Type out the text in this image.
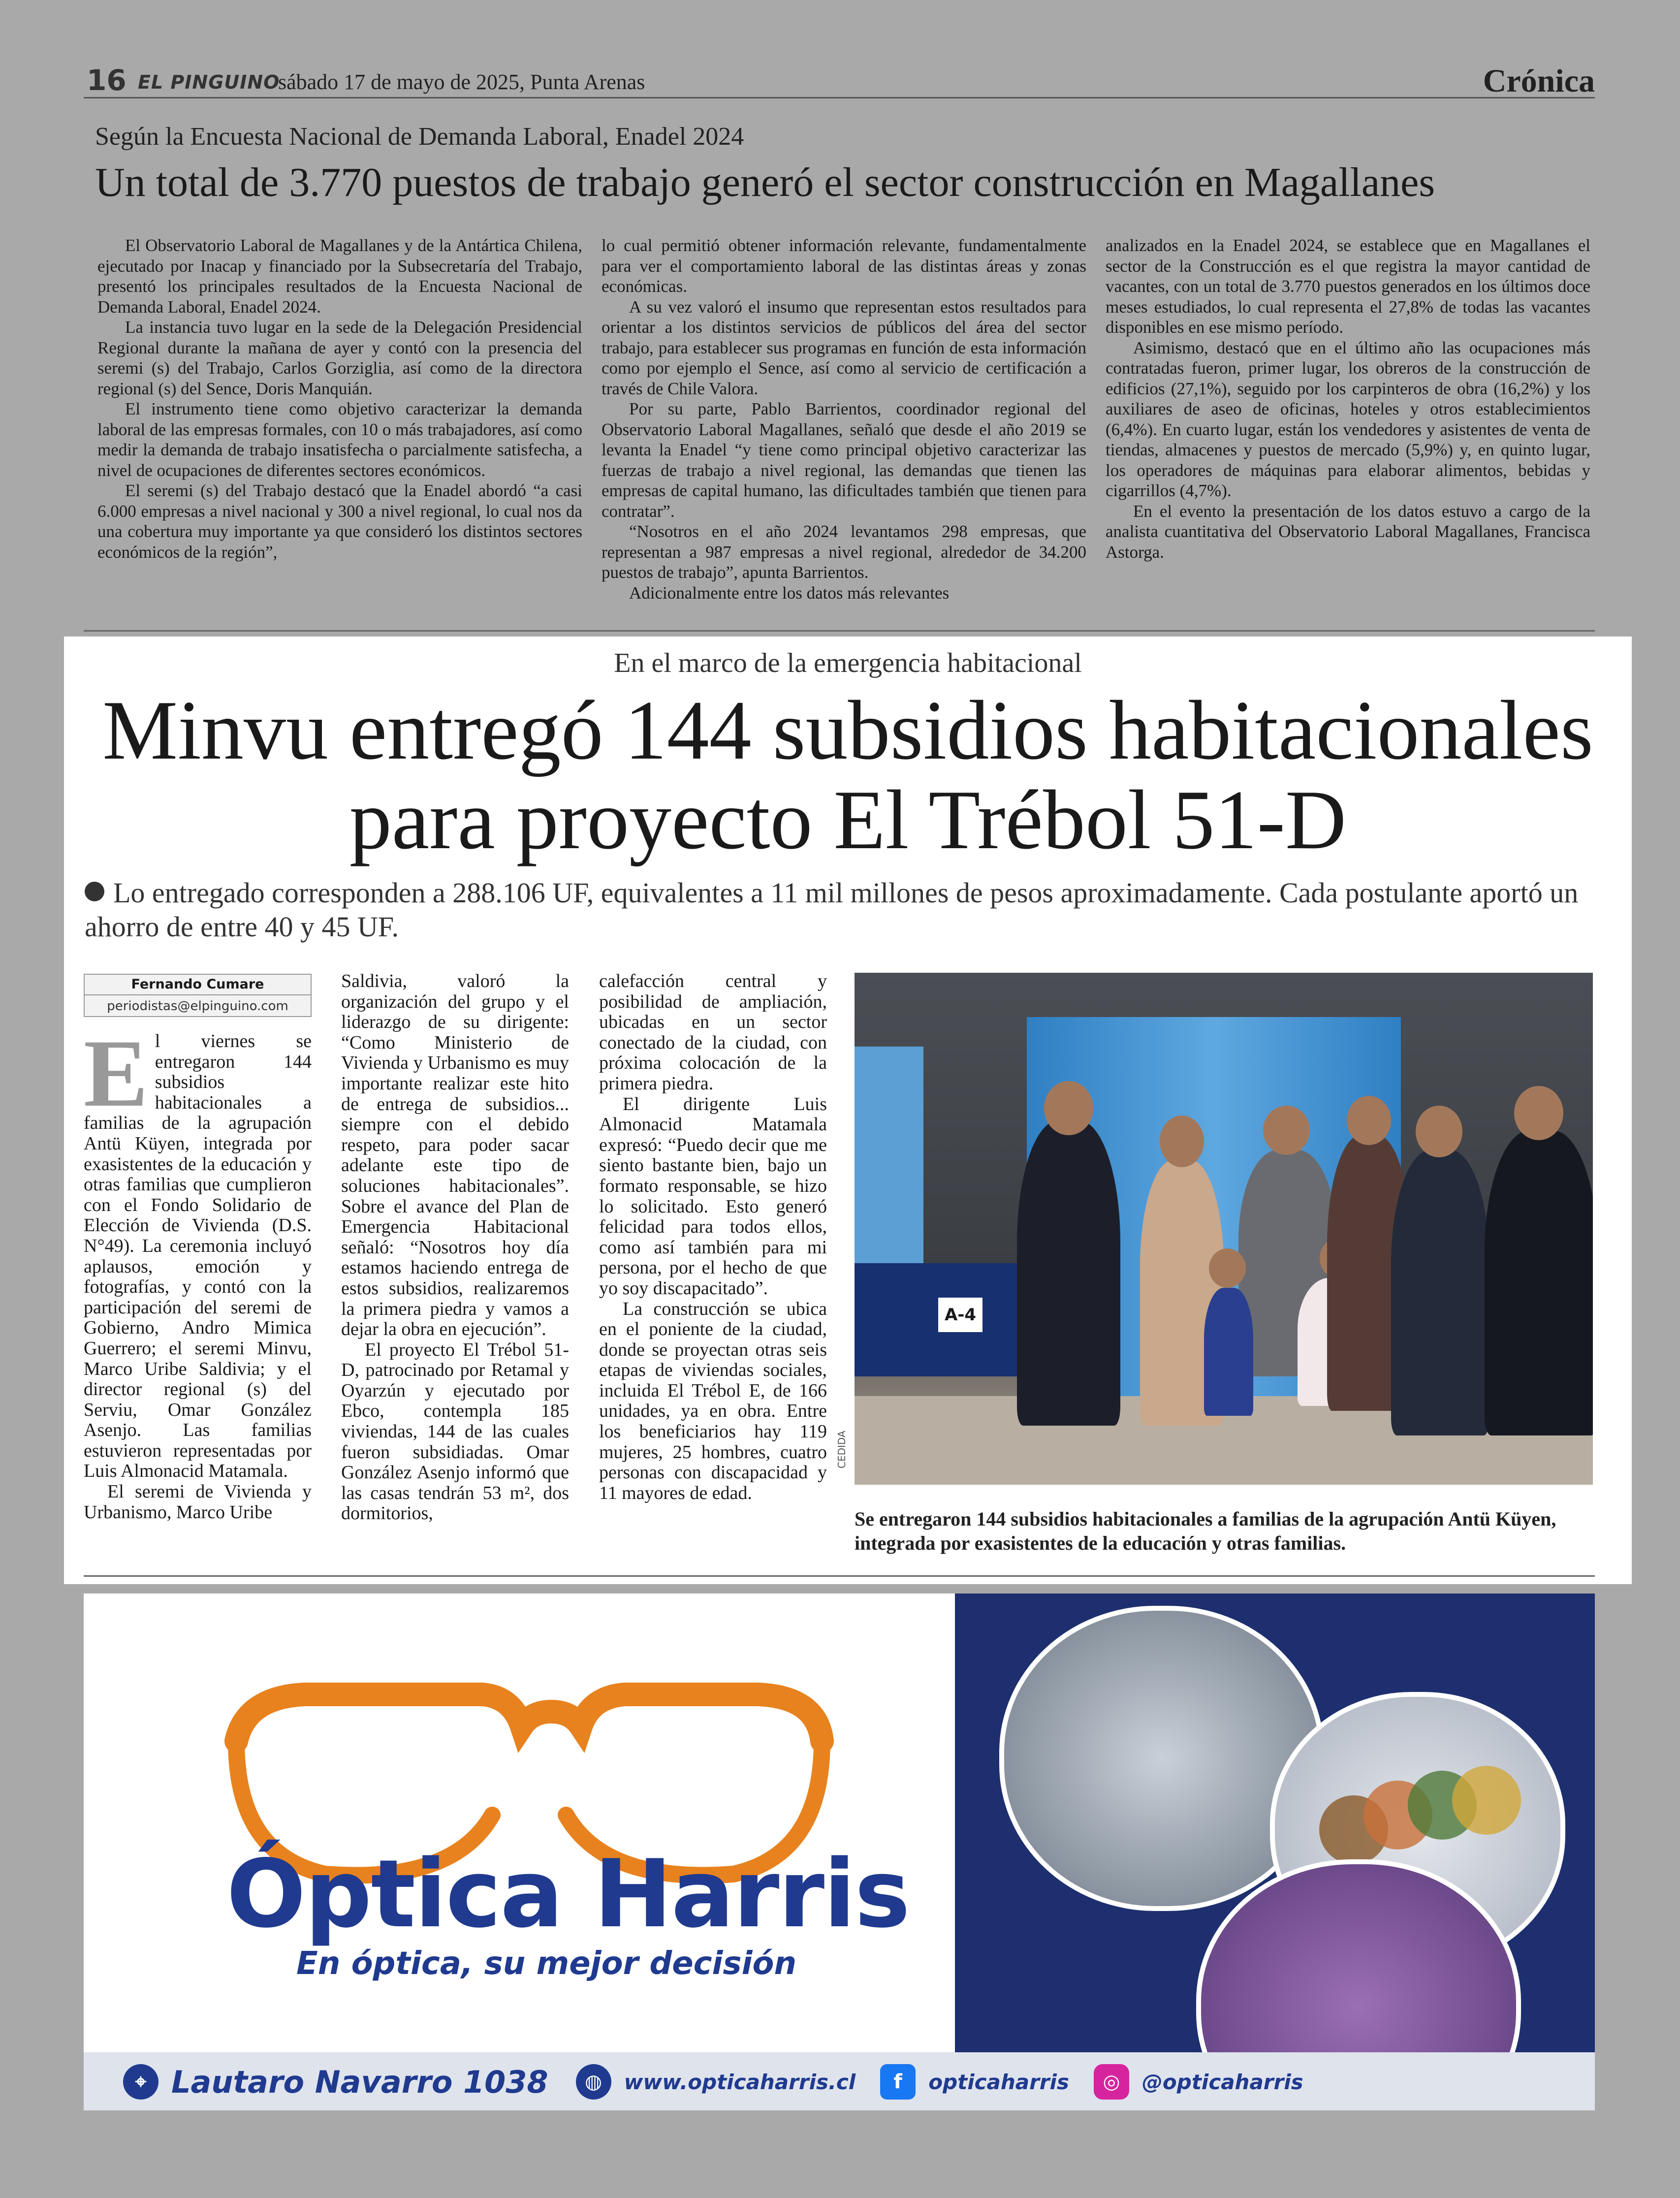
16 EL PINGUINO
sábado 17 de mayo de 2025, Punta Arenas	Crónica
Según la Encuesta Nacional de Demanda Laboral, Enadel 2024
Un total de 3.770 puestos de trabajo generó el sector construcción en Magallanes

El Observatorio Laboral de Magallanes y de la Antártica Chilena, ejecutado por Inacap y financiado por la Subsecretaría del Trabajo, presentó los principales resultados de la Encuesta Nacional de Demanda Laboral, Enadel 2024.

La instancia tuvo lugar en la sede de la Delegación Presidencial Regional durante la mañana de ayer y contó con la presencia del seremi (s) del Trabajo, Carlos Gorziglia, así como de la directora regional (s) del Sence, Doris Manquián.

El instrumento tiene como objetivo caracterizar la demanda laboral de las empresas formales, con 10 o más trabajadores, así como medir la demanda de trabajo insatisfecha o parcialmente satisfecha, a nivel de ocupaciones de diferentes sectores económicos.

El seremi (s) del Trabajo destacó que la Enadel abordó “a casi 6.000 empresas a nivel nacional y 300 a nivel regional, lo cual nos da una cobertura muy importante ya que consideró los distintos sectores económicos de la región”,

lo cual permitió obtener información relevante, fundamentalmente para ver el comportamiento laboral de las distintas áreas y zonas económicas.

A su vez valoró el insumo que representan estos resultados para orientar a los distintos servicios de públicos del área del sector trabajo, para establecer sus programas en función de esta información como por ejemplo el Sence, así como al servicio de certificación a través de Chile Valora.

Por su parte, Pablo Barrientos, coordinador regional del Observatorio Laboral Magallanes, señaló que desde el año 2019 se levanta la Enadel “y tiene como principal objetivo caracterizar las fuerzas de trabajo a nivel regional, las demandas que tienen las empresas de capital humano, las dificultades también que tienen para contratar”.

“Nosotros en el año 2024 levantamos 298 empresas, que representan a 987 empresas a nivel regional, alrededor de 34.200 puestos de trabajo”, apunta Barrientos.

Adicionalmente entre los datos más relevantes

analizados en la Enadel 2024, se establece que en Magallanes el sector de la Construcción es el que registra la mayor cantidad de vacantes, con un total de 3.770 puestos generados en los últimos doce meses estudiados, lo cual representa el 27,8% de todas las vacantes disponibles en ese mismo período.

Asimismo, destacó que en el último año las ocupaciones más contratadas fueron, primer lugar, los obreros de la construcción de edificios (27,1%), seguido por los carpinteros de obra (16,2%) y los auxiliares de aseo de oficinas, hoteles y otros establecimientos (6,4%). En cuarto lugar, están los vendedores y asistentes de venta de tiendas, almacenes y puestos de mercado (5,9%) y, en quinto lugar, los operadores de máquinas para elaborar alimentos, bebidas y cigarrillos (4,7%).

En el evento la presentación de los datos estuvo a cargo de la analista cuantitativa del Observatorio Laboral Magallanes, Francisca Astorga.

En el marco de la emergencia habitacional
Minvu entregó 144 subsidios habitacionales
para proyecto El Trébol 51-D
Lo entregado corresponden a 288.106 UF, equivalentes a 11 mil millones de pesos aproximadamente. Cada postulante aportó un ahorro de entre 40 y 45 UF.
Fernando Cumare
periodistas@elpinguino.com

El viernes se entregaron 144 subsidios habitacionales a familias de la agrupación Antü Küyen, integrada por exasistentes de la educación y otras familias que cumplieron con el Fondo Solidario de Elección de Vivienda (D.S. N°49). La ceremonia incluyó aplausos, emoción y fotografías, y contó con la participación del seremi de Gobierno, Andro Mimica Guerrero; el seremi Minvu, Marco Uribe Saldivia; y el director regional (s) del Serviu, Omar González Asenjo. Las familias estuvieron representadas por Luis Almonacid Matamala.

El seremi de Vivienda y Urbanismo, Marco Uribe

Saldivia, valoró la organización del grupo y el liderazgo de su dirigente: “Como Ministerio de Vivienda y Urbanismo es muy importante realizar este hito de entrega de subsidios... siempre con el debido respeto, para poder sacar adelante este tipo de soluciones habitacionales”. Sobre el avance del Plan de Emergencia Habitacional señaló: “Nosotros hoy día estamos haciendo entrega de estos subsidios, realizaremos la primera piedra y vamos a dejar la obra en ejecución”.

El proyecto El Trébol 51-D, patrocinado por Retamal y Oyarzún y ejecutado por Ebco, contempla 185 viviendas, 144 de las cuales fueron subsidiadas. Omar González Asenjo informó que las casas tendrán 53 m², dos dormitorios,

calefacción central y posibilidad de ampliación, ubicadas en un sector conectado de la ciudad, con próxima colocación de la primera piedra.

El dirigente Luis Almonacid Matamala expresó: “Puedo decir que me siento bastante bien, bajo un formato responsable, se hizo lo solicitado. Esto generó felicidad para todos ellos, como así también para mi persona, por el hecho de que yo soy discapacitado”.

La construcción se ubica en el poniente de la ciudad, donde se proyectan otras seis etapas de viviendas sociales, incluida El Trébol E, de 166 unidades, ya en obra. Entre los beneficiarios hay 119 mujeres, 25 hombres, cuatro personas con discapacidad y 11 mayores de edad.

A-4
CEDIDA
Se entregaron 144 subsidios habitacionales a familias de la agrupación Antü Küyen, integrada por exasistentes de la educación y otras familias.
Óptica Harris
En óptica, su mejor decisión
⌖ Lautaro Navarro 1038	◍	www.opticaharris.cl	f	opticaharris	◎	@opticaharris
